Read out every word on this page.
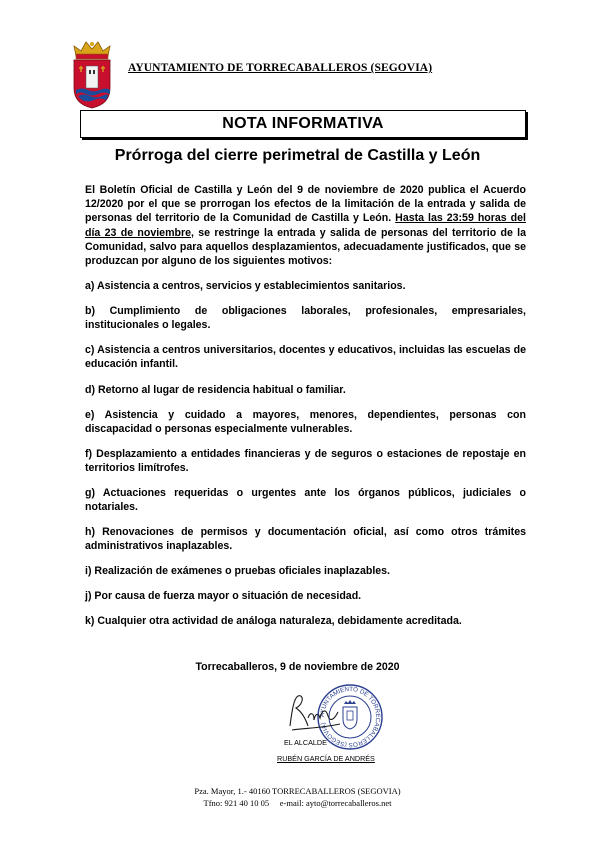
AYUNTAMIENTO DE TORRECABALLEROS (SEGOVIA)
NOTA INFORMATIVA
Prórroga del cierre perimetral de Castilla y León
El Boletín Oficial de Castilla y León del 9 de noviembre de 2020 publica el Acuerdo 12/2020 por el que se prorrogan los efectos de la limitación de la entrada y salida de personas del territorio de la Comunidad de Castilla y León. Hasta las 23:59 horas del día 23 de noviembre, se restringe la entrada y salida de personas del territorio de la Comunidad, salvo para aquellos desplazamientos, adecuadamente justificados, que se produzcan por alguno de los siguientes motivos:
a) Asistencia a centros, servicios y establecimientos sanitarios.
b) Cumplimiento de obligaciones laborales, profesionales, empresariales, institucionales o legales.
c) Asistencia a centros universitarios, docentes y educativos, incluidas las escuelas de educación infantil.
d) Retorno al lugar de residencia habitual o familiar.
e) Asistencia y cuidado a mayores, menores, dependientes, personas con discapacidad o personas especialmente vulnerables.
f) Desplazamiento a entidades financieras y de seguros o estaciones de repostaje en territorios limítrofes.
g) Actuaciones requeridas o urgentes ante los órganos públicos, judiciales o notariales.
h) Renovaciones de permisos y documentación oficial, así como otros trámites administrativos inaplazables.
i) Realización de exámenes o pruebas oficiales inaplazables.
j) Por causa de fuerza mayor o situación de necesidad.
k) Cualquier otra actividad de análoga naturaleza, debidamente acreditada.
Torrecaballeros, 9 de noviembre de 2020
AYUNTAMIENTO DE TORRECABALLEROS (SEGOVIA)
EL ALCALDE
RUBÉN GARCÍA DE ANDRÉS
Pza. Mayor, 1.- 40160 TORRECABALLEROS (SEGOVIA)
Tfno: 921 40 10 05     e-mail: ayto@torrecaballeros.net
